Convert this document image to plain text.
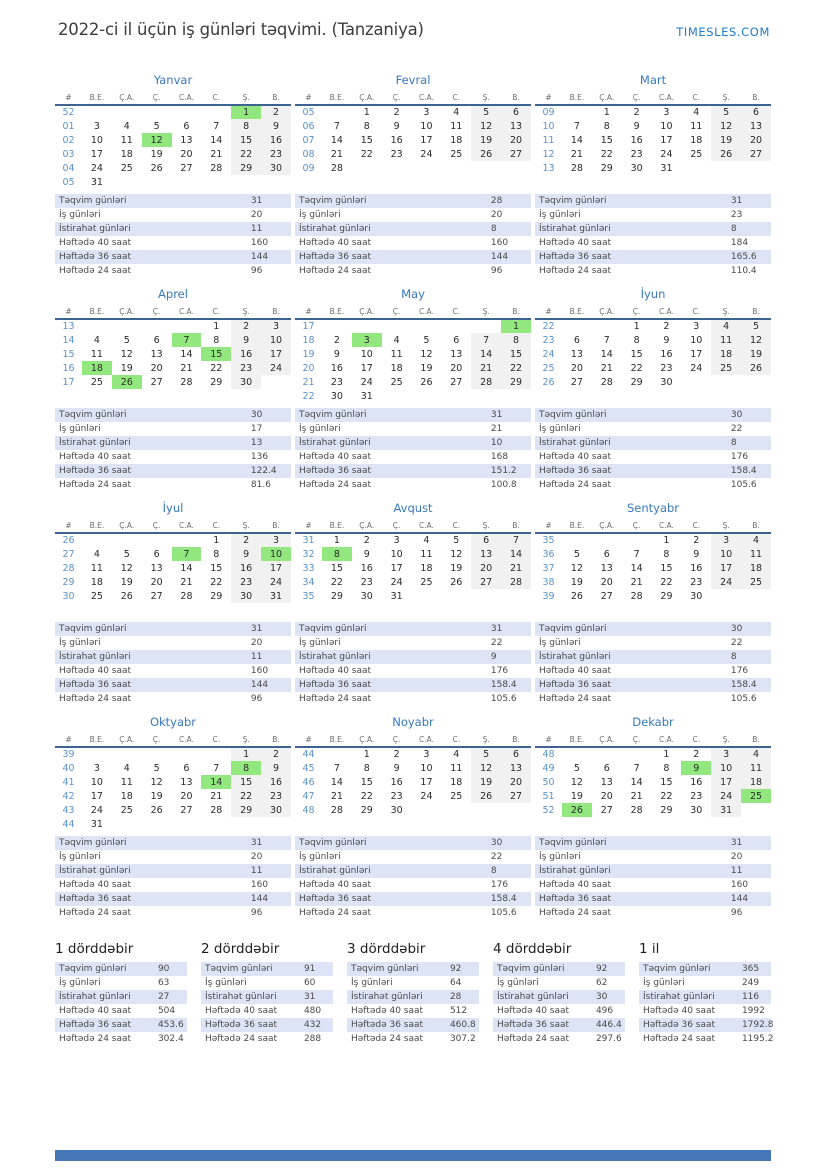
2022-ci il üçün iş günləri təqvimi. (Tanzaniya)	TIMESLES.COM
Yanvar
#	B.E.	Ç.A.	Ç.	C.A.	C.	Ş.	B.
52						1	2
01	3	4	5	6	7	8	9
02	10	11	12	13	14	15	16
03	17	18	19	20	21	22	23
04	24	25	26	27	28	29	30
05	31						
Təqvim günləri	31
İş günləri	20
İstirahət günləri	11
Həftədə 40 saat	160
Həftədə 36 saat	144
Həftədə 24 saat	96
Fevral
#	B.E.	Ç.A.	Ç.	C.A.	C.	Ş.	B.
05		1	2	3	4	5	6
06	7	8	9	10	11	12	13
07	14	15	16	17	18	19	20
08	21	22	23	24	25	26	27
09	28						
Təqvim günləri	28
İş günləri	20
İstirahət günləri	8
Həftədə 40 saat	160
Həftədə 36 saat	144
Həftədə 24 saat	96
Mart
#	B.E.	Ç.A.	Ç.	C.A.	C.	Ş.	B.
09		1	2	3	4	5	6
10	7	8	9	10	11	12	13
11	14	15	16	17	18	19	20
12	21	22	23	24	25	26	27
13	28	29	30	31			
Təqvim günləri	31
İş günləri	23
İstirahət günləri	8
Həftədə 40 saat	184
Həftədə 36 saat	165.6
Həftədə 24 saat	110.4
Aprel
#	B.E.	Ç.A.	Ç.	C.A.	C.	Ş.	B.
13					1	2	3
14	4	5	6	7	8	9	10
15	11	12	13	14	15	16	17
16	18	19	20	21	22	23	24
17	25	26	27	28	29	30	
Təqvim günləri	30
İş günləri	17
İstirahət günləri	13
Həftədə 40 saat	136
Həftədə 36 saat	122.4
Həftədə 24 saat	81.6
May
#	B.E.	Ç.A.	Ç.	C.A.	C.	Ş.	B.
17							1
18	2	3	4	5	6	7	8
19	9	10	11	12	13	14	15
20	16	17	18	19	20	21	22
21	23	24	25	26	27	28	29
22	30	31					
Təqvim günləri	31
İş günləri	21
İstirahət günləri	10
Həftədə 40 saat	168
Həftədə 36 saat	151.2
Həftədə 24 saat	100.8
İyun
#	B.E.	Ç.A.	Ç.	C.A.	C.	Ş.	B.
22			1	2	3	4	5
23	6	7	8	9	10	11	12
24	13	14	15	16	17	18	19
25	20	21	22	23	24	25	26
26	27	28	29	30			
Təqvim günləri	30
İş günləri	22
İstirahət günləri	8
Həftədə 40 saat	176
Həftədə 36 saat	158.4
Həftədə 24 saat	105.6
İyul
#	B.E.	Ç.A.	Ç.	C.A.	C.	Ş.	B.
26					1	2	3
27	4	5	6	7	8	9	10
28	11	12	13	14	15	16	17
29	18	19	20	21	22	23	24
30	25	26	27	28	29	30	31
Təqvim günləri	31
İş günləri	20
İstirahət günləri	11
Həftədə 40 saat	160
Həftədə 36 saat	144
Həftədə 24 saat	96
Avqust
#	B.E.	Ç.A.	Ç.	C.A.	C.	Ş.	B.
31	1	2	3	4	5	6	7
32	8	9	10	11	12	13	14
33	15	16	17	18	19	20	21
34	22	23	24	25	26	27	28
35	29	30	31				
Təqvim günləri	31
İş günləri	22
İstirahət günləri	9
Həftədə 40 saat	176
Həftədə 36 saat	158.4
Həftədə 24 saat	105.6
Sentyabr
#	B.E.	Ç.A.	Ç.	C.A.	C.	Ş.	B.
35				1	2	3	4
36	5	6	7	8	9	10	11
37	12	13	14	15	16	17	18
38	19	20	21	22	23	24	25
39	26	27	28	29	30		
Təqvim günləri	30
İş günləri	22
İstirahət günləri	8
Həftədə 40 saat	176
Həftədə 36 saat	158.4
Həftədə 24 saat	105.6
Oktyabr
#	B.E.	Ç.A.	Ç.	C.A.	C.	Ş.	B.
39						1	2
40	3	4	5	6	7	8	9
41	10	11	12	13	14	15	16
42	17	18	19	20	21	22	23
43	24	25	26	27	28	29	30
44	31						
Təqvim günləri	31
İş günləri	20
İstirahət günləri	11
Həftədə 40 saat	160
Həftədə 36 saat	144
Həftədə 24 saat	96
Noyabr
#	B.E.	Ç.A.	Ç.	C.A.	C.	Ş.	B.
44		1	2	3	4	5	6
45	7	8	9	10	11	12	13
46	14	15	16	17	18	19	20
47	21	22	23	24	25	26	27
48	28	29	30				
Təqvim günləri	30
İş günləri	22
İstirahət günləri	8
Həftədə 40 saat	176
Həftədə 36 saat	158.4
Həftədə 24 saat	105.6
Dekabr
#	B.E.	Ç.A.	Ç.	C.A.	C.	Ş.	B.
48				1	2	3	4
49	5	6	7	8	9	10	11
50	12	13	14	15	16	17	18
51	19	20	21	22	23	24	25
52	26	27	28	29	30	31	
Təqvim günləri	31
İş günləri	20
İstirahət günləri	11
Həftədə 40 saat	160
Həftədə 36 saat	144
Həftədə 24 saat	96
1 dörddəbir
Təqvim günləri	90
İş günləri	63
İstirahət günləri	27
Həftədə 40 saat	504
Həftədə 36 saat	453.6
Həftədə 24 saat	302.4
2 dörddəbir
Təqvim günləri	91
İş günləri	60
İstirahət günləri	31
Həftədə 40 saat	480
Həftədə 36 saat	432
Həftədə 24 saat	288
3 dörddəbir
Təqvim günləri	92
İş günləri	64
İstirahət günləri	28
Həftədə 40 saat	512
Həftədə 36 saat	460.8
Həftədə 24 saat	307.2
4 dörddəbir
Təqvim günləri	92
İş günləri	62
İstirahət günləri	30
Həftədə 40 saat	496
Həftədə 36 saat	446.4
Həftədə 24 saat	297.6
1 il
Təqvim günləri	365
İş günləri	249
İstirahət günləri	116
Həftədə 40 saat	1992
Həftədə 36 saat	1792.8
Həftədə 24 saat	1195.2
